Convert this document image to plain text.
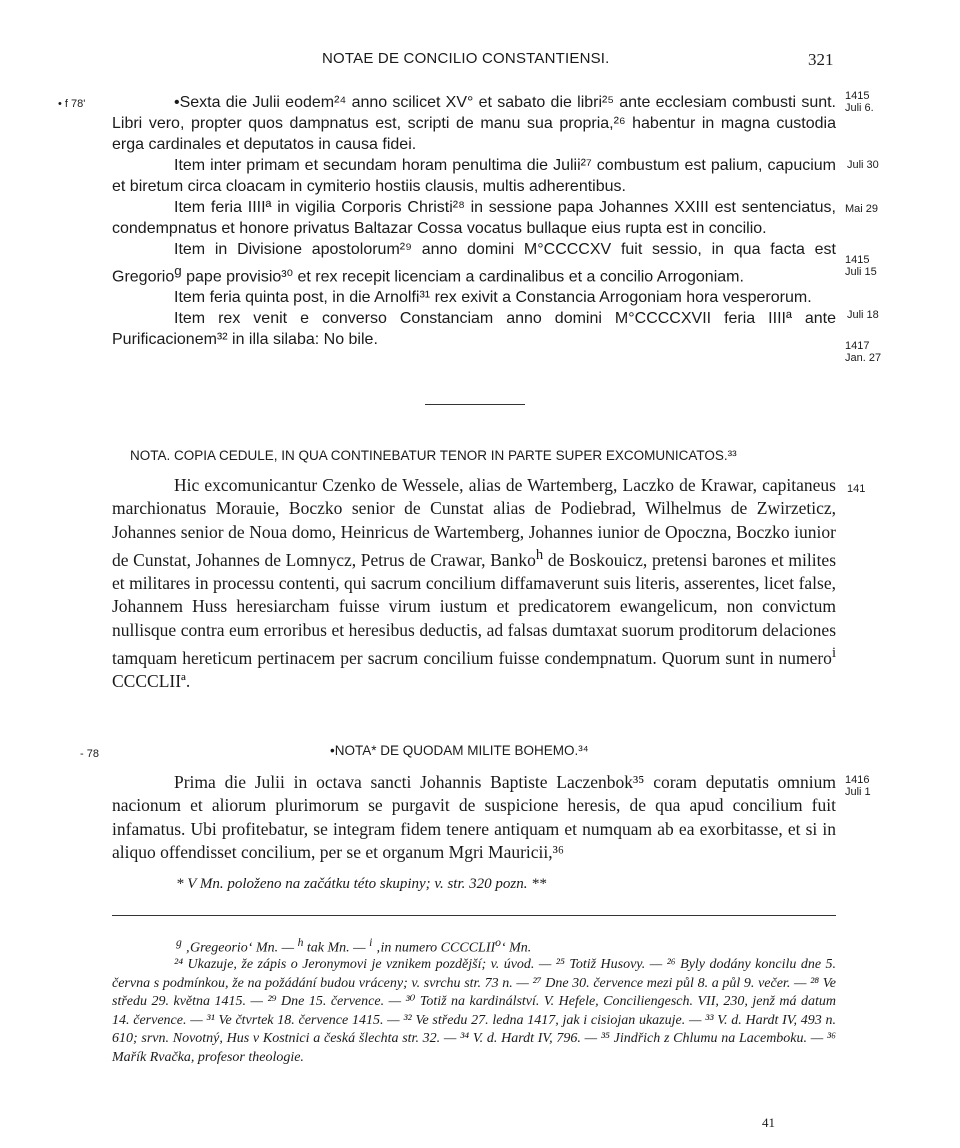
NOTAE DE CONCILIO CONSTANTIENSI.	321
• f 78'
- 78
1415
Juli 6.
Juli 30
Mai 29
1415
Juli 15
Juli 18
1417
Jan. 27
141
1416
Juli 1

•Sexta die Julii eodem²⁴ anno scilicet XV° et sabato die libri²⁵ ante ecclesiam combusti sunt. Libri vero, propter quos dampnatus est, scripti de manu sua propria,²⁶ habentur in magna custodia erga cardinales et deputatos in causa fidei.

Item inter primam et secundam horam penultima die Julii²⁷ combustum est palium, capucium et biretum circa cloacam in cymiterio hostiis clausis, multis adherentibus.

Item feria IIIIª in vigilia Corporis Christi²⁸ in sessione papa Johannes XXIII est sentenciatus, condempnatus et honore privatus Baltazar Cossa vocatus bullaque eius rupta est in concilio.

Item in Divisione apostolorum²⁹ anno domini M°CCCCXV fuit sessio, in qua facta est Gregorio$^g$ pape provisio³⁰ et rex recepit licenciam a cardinalibus et a concilio Arrogoniam.

Item feria quinta post, in die Arnolfi³¹ rex exivit a Constancia Arrogoniam hora vesperorum.

Item rex venit e converso Constanciam anno domini M°CCCCXVII feria IIIIª ante Purificacionem³² in illa silaba: No bile.

NOTA. COPIA CEDULE, IN QUA CONTINEBATUR TENOR IN PARTE SUPER EXCOMUNICATOS.³³

Hic excomunicantur Czenko de Wessele, alias de Wartemberg, Laczko de Krawar, capitaneus marchionatus Morauie, Boczko senior de Cunstat alias de Podiebrad, Wilhelmus de Zwirzeticz, Johannes senior de Noua domo, Heinricus de Wartemberg, Johannes iunior de Opoczna, Boczko iunior de Cunstat, Johannes de Lomnycz, Petrus de Crawar, Banko$^h$ de Boskouicz, pretensi barones et milites et militares in processu contenti, qui sacrum concilium diffamaverunt suis literis, asserentes, licet false, Johannem Huss heresiarcham fuisse virum iustum et predicatorem ewangelicum, non convictum nullisque contra eum erroribus et heresibus deductis, ad falsas dumtaxat suorum proditorum delaciones tamquam hereticum pertinacem per sacrum concilium fuisse condempnatum. Quorum sunt in numero$^i$ CCCCLIIª.

•NOTA* DE QUODAM MILITE BOHEMO.³⁴

Prima die Julii in octava sancti Johannis Baptiste Laczenbok³⁵ coram deputatis omnium nacionum et aliorum plurimorum se purgavit de suspicione heresis, de qua apud concilium fuit infamatus. Ubi profitebatur, se integram fidem tenere antiquam et numquam ab ea exorbitasse, et si in aliquo offendisset concilium, per se et organum Mgri Mauricii,³⁶

* V Mn. položeno na začátku této skupiny; v. str. 320 pozn. **
$^g$ ‚Gregeorio‘ Mn. — $^h$ tak Mn. — $^i$ ‚in numero CCCCLII$^o$‘ Mn.
²⁴ Ukazuje, že zápis o Jeronymovi je vznikem pozdější; v. úvod. — ²⁵ Totiž Husovy. — ²⁶ Byly dodány koncilu dne 5. června s podmínkou, že na požádání budou vráceny; v. svrchu str. 73 n. — ²⁷ Dne 30. července mezi půl 8. a půl 9. večer. — ²⁸ Ve středu 29. května 1415. — ²⁹ Dne 15. července. — ³⁰ Totiž na kardinálství. V. Hefele, Conciliengesch. VII, 230, jenž má datum 14. července. — ³¹ Ve čtvrtek 18. července 1415. — ³² Ve středu 27. ledna 1417, jak i cisiojan ukazuje. — ³³ V. d. Hardt IV, 493 n. 610; srvn. Novotný, Hus v Kostnici a česká šlechta str. 32. — ³⁴ V. d. Hardt IV, 796. — ³⁵ Jindřich z Chlumu na Lacemboku. — ³⁶ Mařík Rvačka, profesor theologie.
41
